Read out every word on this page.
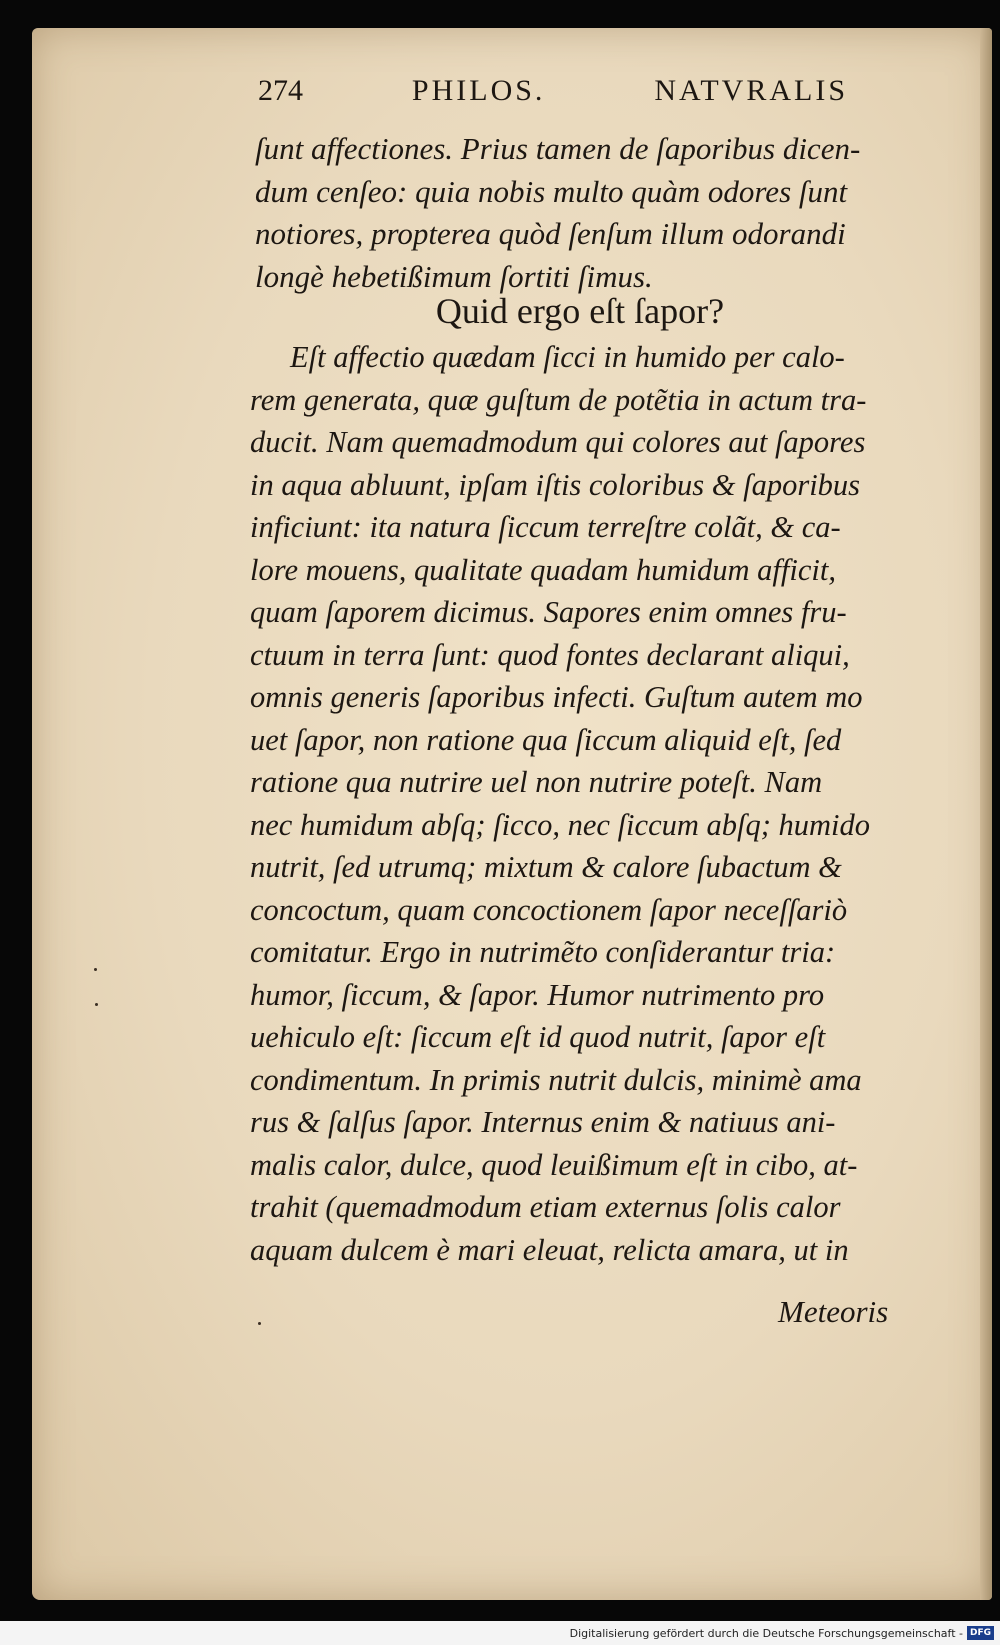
274	PHILOS.	NATVRALIS
ſunt affectiones. Prius tamen de ſaporibus dicen-
dum cenſeo: quia nobis multo quàm odores ſunt
notiores, propterea quòd ſenſum illum odorandi
longè hebetißimum ſortiti ſimus.
Quid ergo eſt ſapor?
Eſt affectio quædam ſicci in humido per calo-
rem generata, quæ guſtum de potẽtia in actum tra-
ducit. Nam quemadmodum qui colores aut ſapores
in aqua abluunt, ipſam iſtis coloribus & ſaporibus
inficiunt: ita natura ſiccum terreſtre colãt, & ca-
lore mouens, qualitate quadam humidum afficit,
quam ſaporem dicimus. Sapores enim omnes fru-
ctuum in terra ſunt: quod fontes declarant aliqui,
omnis generis ſaporibus infecti. Guſtum autem mo
uet ſapor, non ratione qua ſiccum aliquid eſt, ſed
ratione qua nutrire uel non nutrire poteſt. Nam
nec humidum abſq; ſicco, nec ſiccum abſq; humido
nutrit, ſed utrumq; mixtum & calore ſubactum &
concoctum, quam concoctionem ſapor neceſſariò
comitatur. Ergo in nutrimẽto conſiderantur tria:
humor, ſiccum, & ſapor. Humor nutrimento pro
uehiculo eſt: ſiccum eſt id quod nutrit, ſapor eſt
condimentum. In primis nutrit dulcis, minimè ama
rus & ſalſus ſapor. Internus enim & natiuus ani-
malis calor, dulce, quod leuißimum eſt in cibo, at-
trahit (quemadmodum etiam externus ſolis calor
aquam dulcem è mari eleuat, relicta amara, ut in
Meteoris
Digitalisierung gefördert durch die Deutsche Forschungsgemeinschaft - DFG
